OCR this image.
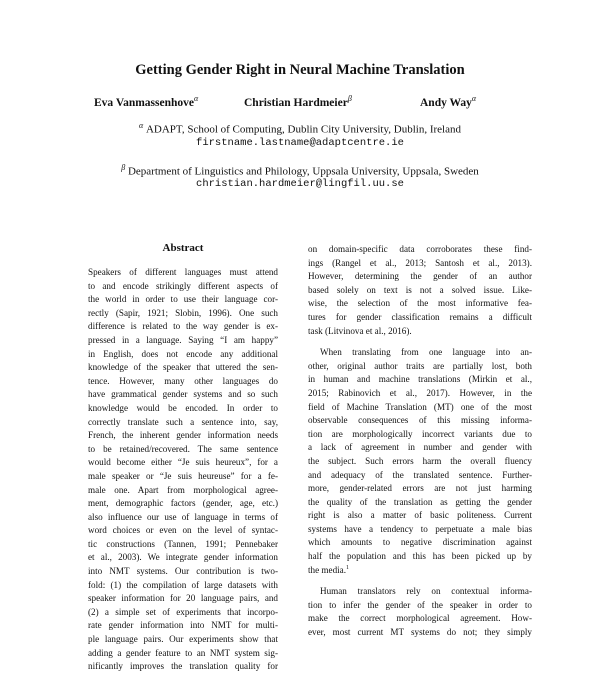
Getting Gender Right in Neural Machine Translation
Eva Vanmassenhove$^\alpha$	Christian Hardmeier$^\beta$	Andy Way$^\alpha$
$^\alpha$ ADAPT, School of Computing, Dublin City University, Dublin, Ireland
firstname.lastname@adaptcentre.ie
$^\beta$ Department of Linguistics and Philology, Uppsala University, Uppsala, Sweden
christian.hardmeier@lingfil.uu.se
Abstract
Speakers of different languages must attend
to and encode strikingly different aspects of
the world in order to use their language cor-
rectly (Sapir, 1921; Slobin, 1996). One such
difference is related to the way gender is ex-
pressed in a language. Saying “I am happy”
in English, does not encode any additional
knowledge of the speaker that uttered the sen-
tence. However, many other languages do
have grammatical gender systems and so such
knowledge would be encoded. In order to
correctly translate such a sentence into, say,
French, the inherent gender information needs
to be retained/recovered. The same sentence
would become either “Je suis heureux”, for a
male speaker or “Je suis heureuse” for a fe-
male one. Apart from morphological agree-
ment, demographic factors (gender, age, etc.)
also influence our use of language in terms of
word choices or even on the level of syntac-
tic constructions (Tannen, 1991; Pennebaker
et al., 2003). We integrate gender information
into NMT systems. Our contribution is two-
fold: (1) the compilation of large datasets with
speaker information for 20 language pairs, and
(2) a simple set of experiments that incorpo-
rate gender information into NMT for multi-
ple language pairs. Our experiments show that
adding a gender feature to an NMT system sig-
nificantly improves the translation quality for
on domain-specific data corroborates these find-
ings (Rangel et al., 2013; Santosh et al., 2013).
However, determining the gender of an author
based solely on text is not a solved issue. Like-
wise, the selection of the most informative fea-
tures for gender classification remains a difficult
task (Litvinova et al., 2016).
When translating from one language into an-
other, original author traits are partially lost, both
in human and machine translations (Mirkin et al.,
2015; Rabinovich et al., 2017). However, in the
field of Machine Translation (MT) one of the most
observable consequences of this missing informa-
tion are morphologically incorrect variants due to
a lack of agreement in number and gender with
the subject. Such errors harm the overall fluency
and adequacy of the translated sentence. Further-
more, gender-related errors are not just harming
the quality of the translation as getting the gender
right is also a matter of basic politeness. Current
systems have a tendency to perpetuate a male bias
which amounts to negative discrimination against
half the population and this has been picked up by
the media.$^1$
Human translators rely on contextual informa-
tion to infer the gender of the speaker in order to
make the correct morphological agreement. How-
ever, most current MT systems do not; they simply
